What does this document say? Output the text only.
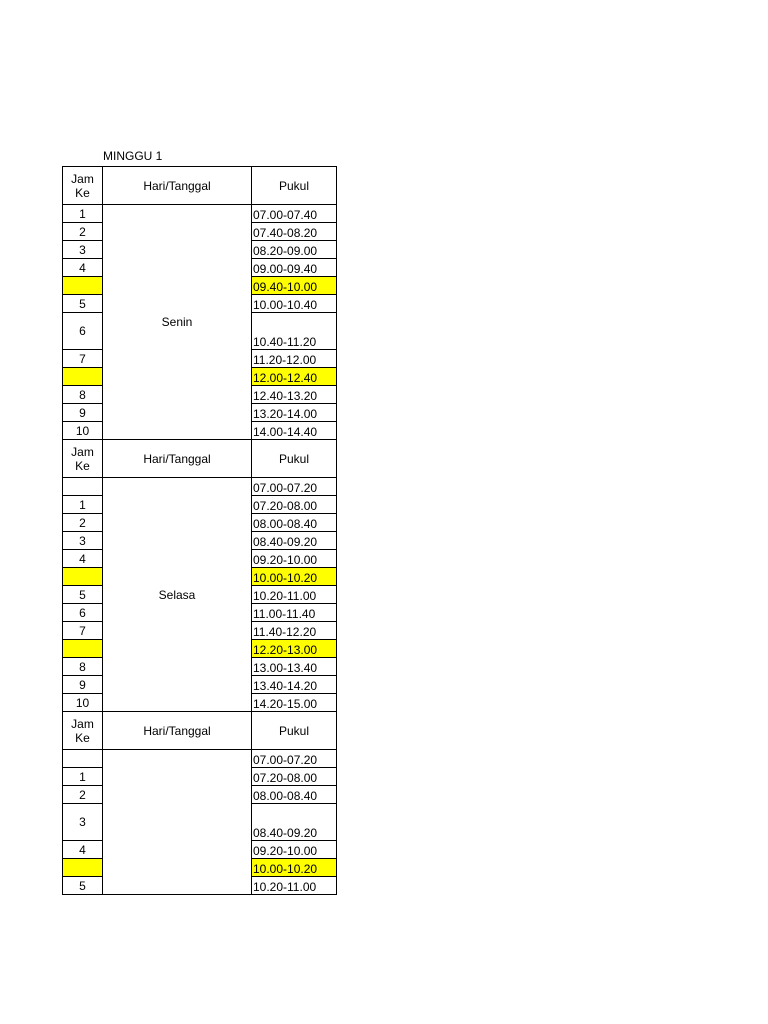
MINGGU 1
Jam Ke	Hari/Tanggal	Pukul
1	Senin	07.00-07.40
2		07.40-08.20
3		08.20-09.00
4		09.00-09.40
		09.40-10.00
5		10.00-10.40
6		10.40-11.20
7		11.20-12.00
		12.00-12.40
8		12.40-13.20
9		13.20-14.00
10		14.00-14.40
Jam Ke	Hari/Tanggal	Pukul
	Selasa	07.00-07.20
1		07.20-08.00
2		08.00-08.40
3		08.40-09.20
4		09.20-10.00
		10.00-10.20
5		10.20-11.00
6		11.00-11.40
7		11.40-12.20
		12.20-13.00
8		13.00-13.40
9		13.40-14.20
10		14.20-15.00
Jam Ke	Hari/Tanggal	Pukul
		07.00-07.20
1		07.20-08.00
2		08.00-08.40
3		08.40-09.20
4		09.20-10.00
		10.00-10.20
5		10.20-11.00
